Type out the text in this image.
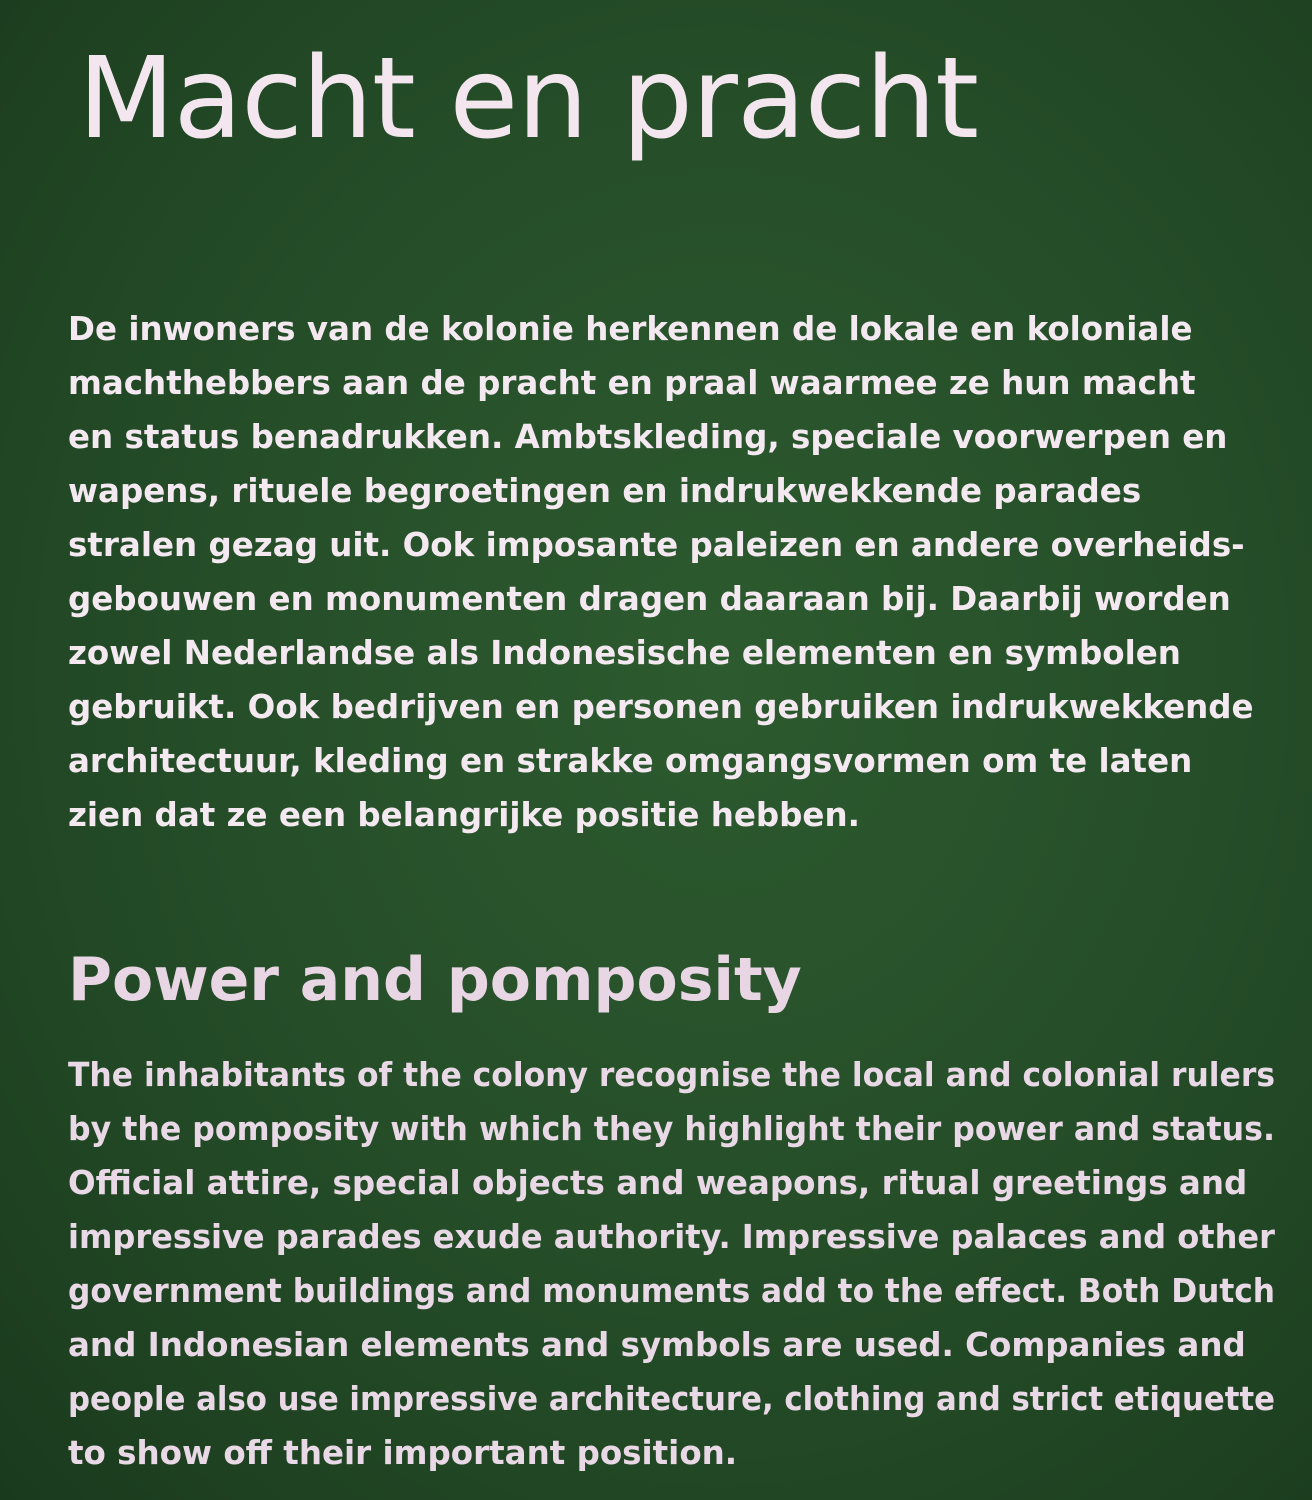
Macht en pracht

De inwoners van de kolonie herkennen de lokale en koloniale
machthebbers aan de pracht en praal waarmee ze hun macht
en status benadrukken. Ambtskleding, speciale voorwerpen en
wapens, rituele begroetingen en indrukwekkende parades
stralen gezag uit. Ook imposante paleizen en andere overheids-
gebouwen en monumenten dragen daaraan bij. Daarbij worden
zowel Nederlandse als Indonesische elementen en symbolen
gebruikt. Ook bedrijven en personen gebruiken indrukwekkende
architectuur, kleding en strakke omgangsvormen om te laten
zien dat ze een belangrijke positie hebben.

Power and pomposity

The inhabitants of the colony recognise the local and colonial rulers
by the pomposity with which they highlight their power and status.
Official attire, special objects and weapons, ritual greetings and
impressive parades exude authority. Impressive palaces and other
government buildings and monuments add to the effect. Both Dutch
and Indonesian elements and symbols are used. Companies and
people also use impressive architecture, clothing and strict etiquette
to show off their important position.
